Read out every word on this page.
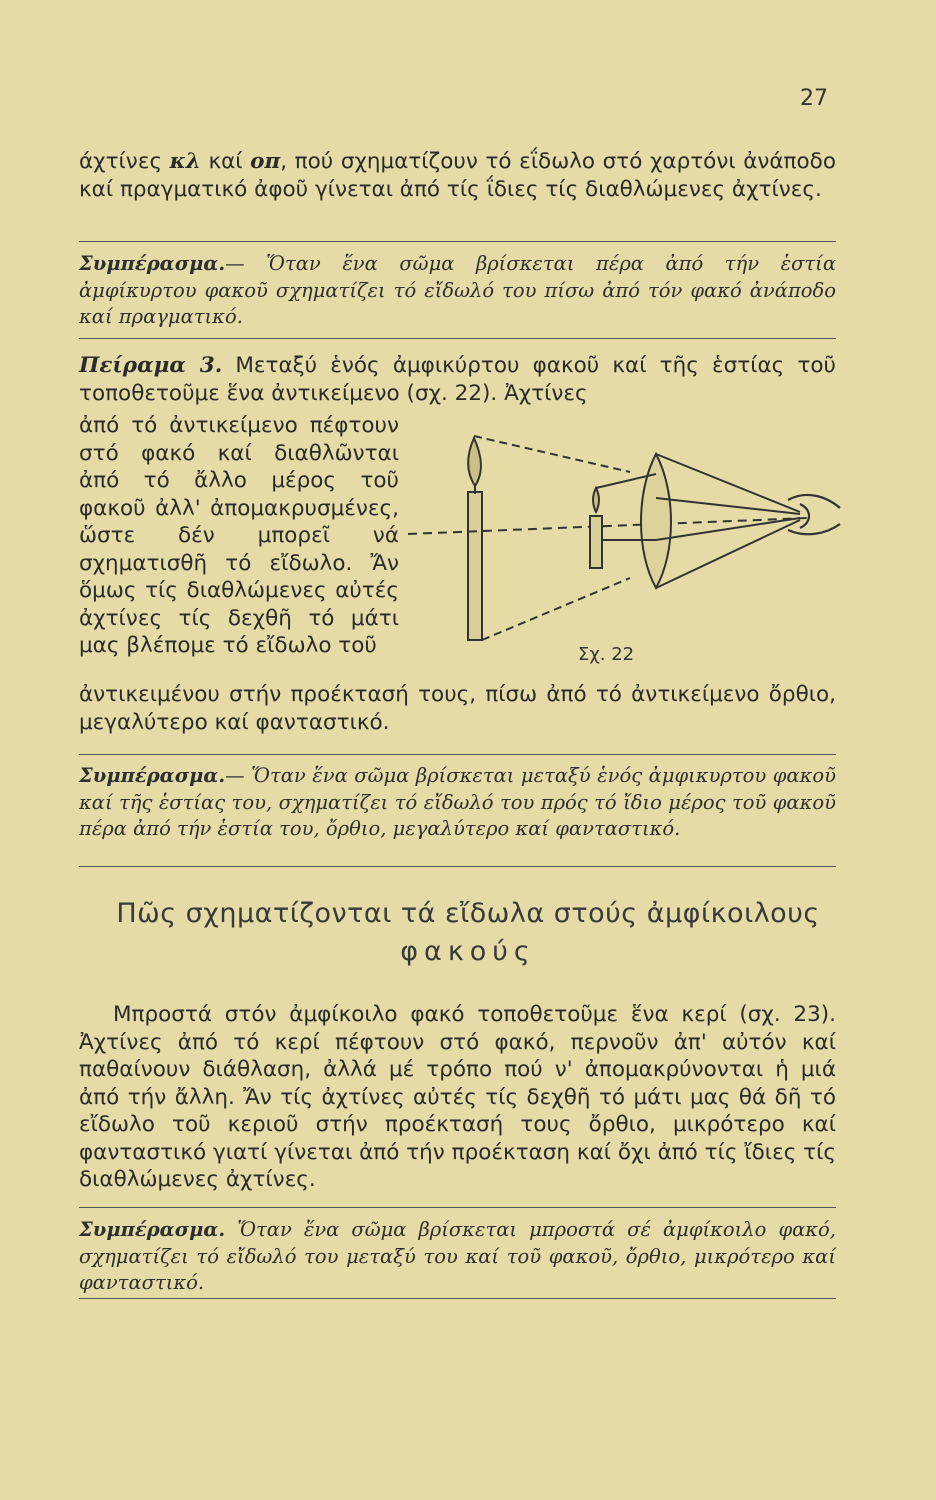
27
άχτίνες κλ καί οπ, πού σχηματίζουν τό εΐδωλο στό χαρτόνι ἀνάποδο καί πραγματικό ἀφοῦ γίνεται ἀπό τίς ΐδιες τίς διαθλώμενες ἀχτίνες.
Συμπέρασμα.— Ὅταν ἕνα σῶμα βρίσκεται πέρα ἀπό τήν ἑστία ἀμφίκυρτου φακοῦ σχηματίζει τό εἴδωλό του πίσω ἀπό τόν φακό ἀνάποδο καί πραγματικό.
Πείραμα 3. Μεταξύ ἑνός ἀμφικύρτου φακοῦ καί τῆς ἑστίας τοῦ τοποθετοῦμε ἕνα ἀντικείμενο (σχ. 22). Ἀχτίνες
ἀπό τό ἀντικείμενο πέφτουν στό φακό καί διαθλῶνται ἀπό τό ἄλλο μέρος τοῦ φακοῦ ἀλλ' ἀπομακρυσμένες, ὥστε δέν μπορεῖ νά σχηματισθῆ τό εἴδωλο. Ἄν ὅμως τίς διαθλώμενες αὐτές ἀχτίνες τίς δεχθῆ τό μάτι μας βλέπομε τό εἴδωλο τοῦ	Σχ. 22
ἀντικειμένου στήν προέκτασή τους, πίσω ἀπό τό ἀντικείμενο ὄρθιο, μεγαλύτερο καί φανταστικό.
Συμπέρασμα.— Ὅταν ἕνα σῶμα βρίσκεται μεταξύ ἑνός ἀμφικυρτου φακοῦ καί τῆς ἑστίας του, σχηματίζει τό εἴδωλό του πρός τό ἴδιο μέρος τοῦ φακοῦ πέρα ἀπό τήν ἑστία του, ὄρθιο, μεγαλύτερο καί φανταστικό.
Πῶς σχηματίζονται τά εἴδωλα στούς ἀμφίκοιλους
φακούς
Μπροστά στόν ἀμφίκοιλο φακό τοποθετοῦμε ἕνα κερί (σχ. 23). Ἀχτίνες ἀπό τό κερί πέφτουν στό φακό, περνοῦν ἀπ' αὐτόν καί παθαίνουν διάθλαση, ἀλλά μέ τρόπο πού ν' ἀπομακρύνονται ἡ μιά ἀπό τήν ἄλλη. Ἄν τίς ἀχτίνες αὐτές τίς δεχθῆ τό μάτι μας θά δῆ τό εἴδωλο τοῦ κεριοῦ στήν προέκτασή τους ὄρθιο, μικρότερο καί φανταστικό γιατί γίνεται ἀπό τήν προέκταση καί ὄχι ἀπό τίς ἴδιες τίς διαθλώμενες ἀχτίνες.
Συμπέρασμα. Ὅταν ἕνα σῶμα βρίσκεται μπροστά σέ ἀμφίκοιλο φακό, σχηματίζει τό εἴδωλό του μεταξύ του καί τοῦ φακοῦ, ὄρθιο, μικρότερο καί φανταστικό.
